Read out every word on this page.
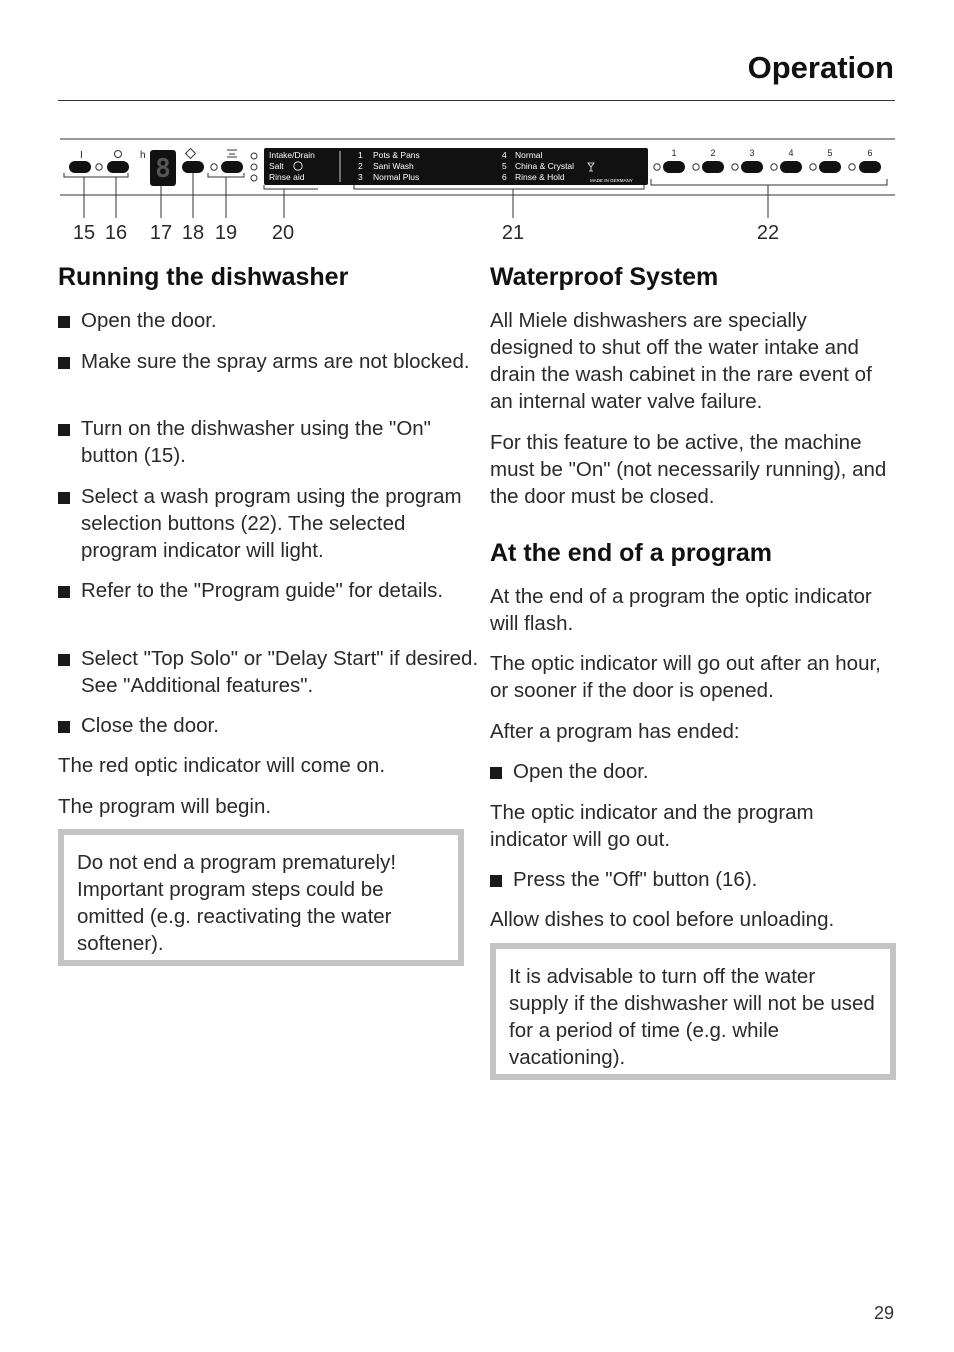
Operation
I	h 8	Intake/Drain
Salt
Rinse aid
1 Pots & Pans
2 Sani Wash
3 Normal Plus
4 Normal
5 China & Crystal
6 Rinse & Hold	MADE IN GERMANY
1	2	3	4	5	6
15 16 17 18 19 20	21	22
Running the dishwasher

Open the door.

Make sure the spray arms are not blocked.

Turn on the dishwasher using the "On" button (15).

Select a wash program using the program selection buttons (22). The selected program indicator will light.

Refer to the "Program guide" for details.

Select "Top Solo" or "Delay Start" if desired. See "Additional features".

Close the door.

The red optic indicator will come on.

The program will begin.

Do not end a program prematurely! Important program steps could be omitted (e.g. reactivating the water softener).
Waterproof System

All Miele dishwashers are specially designed to shut off the water intake and drain the wash cabinet in the rare event of an internal water valve failure.

For this feature to be active, the machine must be "On" (not necessarily running), and the door must be closed.

At the end of a program

At the end of a program the optic indicator will flash.

The optic indicator will go out after an hour, or sooner if the door is opened.

After a program has ended:

Open the door.

The optic indicator and the program indicator will go out.

Press the "Off" button (16).

Allow dishes to cool before unloading.

It is advisable to turn off the water supply if the dishwasher will not be used for a period of time (e.g. while vacationing).
29
